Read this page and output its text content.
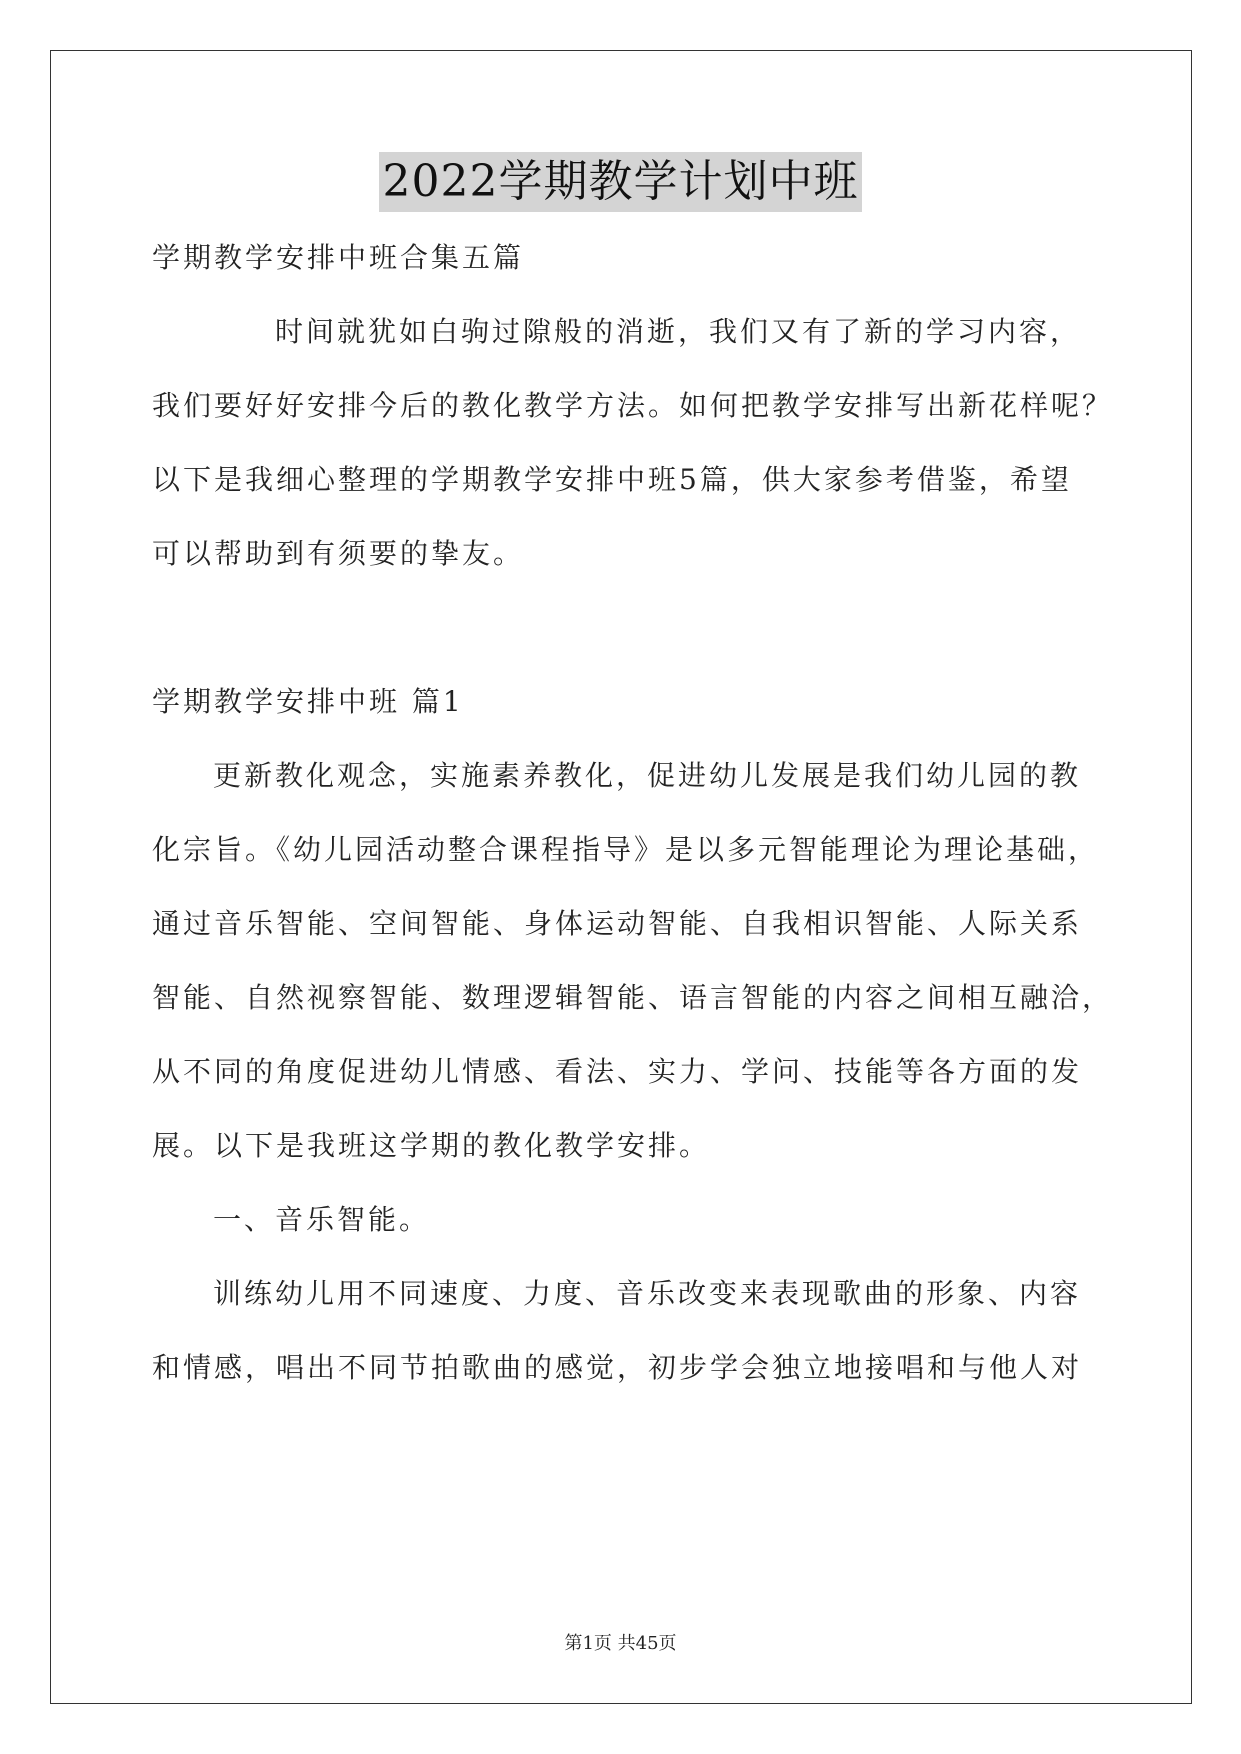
2022学期教学计划中班
学期教学安排中班合集五篇
时间就犹如白驹过隙般的消逝，我们又有了新的学习内容，
我们要好好安排今后的教化教学方法。如何把教学安排写出新花样呢？
以下是我细心整理的学期教学安排中班5篇，供大家参考借鉴，希望
可以帮助到有须要的挚友。
学期教学安排中班 篇1
更新教化观念，实施素养教化，促进幼儿发展是我们幼儿园的教
化宗旨。《幼儿园活动整合课程指导》是以多元智能理论为理论基础，
通过音乐智能、空间智能、身体运动智能、自我相识智能、人际关系
智能、自然视察智能、数理逻辑智能、语言智能的内容之间相互融洽，
从不同的角度促进幼儿情感、看法、实力、学问、技能等各方面的发
展。以下是我班这学期的教化教学安排。
一、音乐智能。
训练幼儿用不同速度、力度、音乐改变来表现歌曲的形象、内容
和情感，唱出不同节拍歌曲的感觉，初步学会独立地接唱和与他人对
第1页 共45页
